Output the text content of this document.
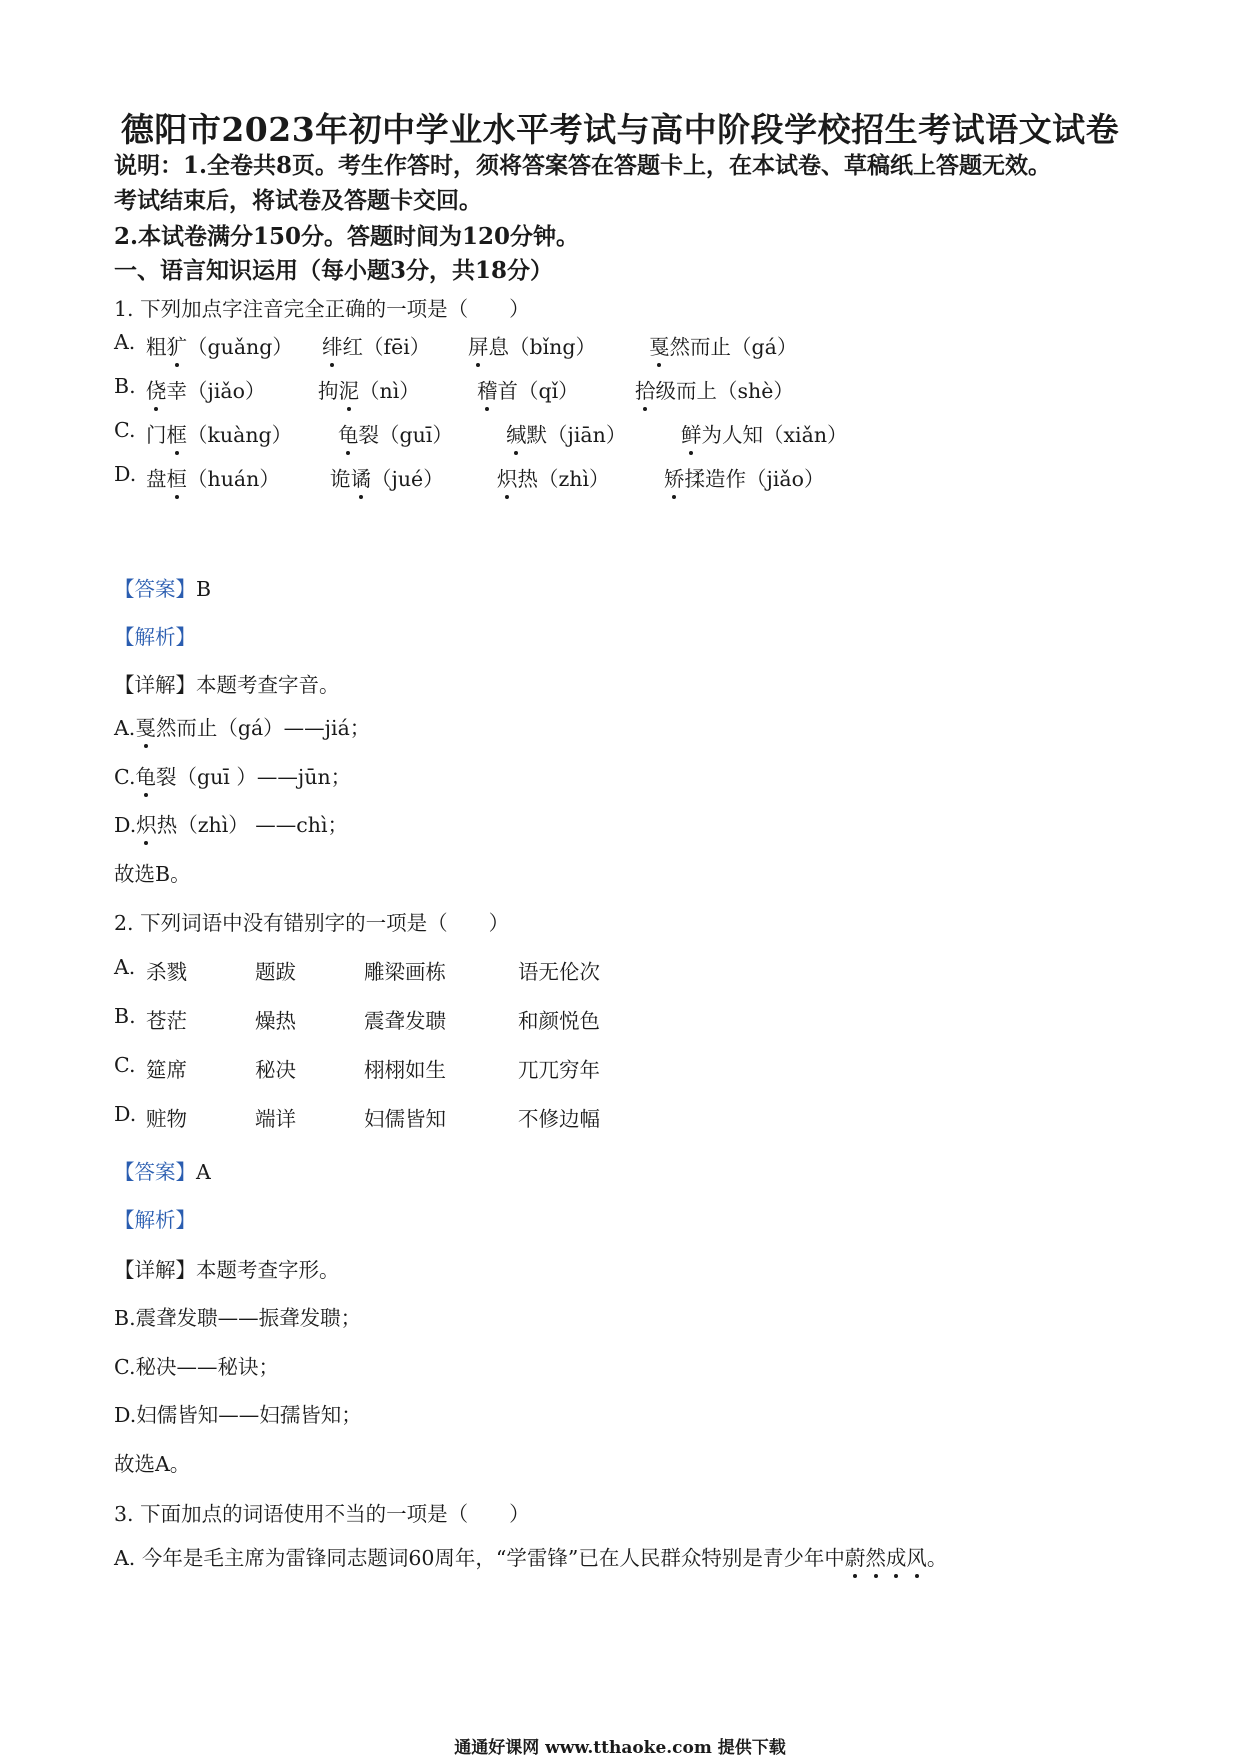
德阳市2023年初中学业水平考试与高中阶段学校招生考试语文试卷
说明：1.全卷共8页。考生作答时，须将答案答在答题卡上，在本试卷、草稿纸上答题无效。
考试结束后，将试卷及答题卡交回。
2.本试卷满分150分。答题时间为120分钟。
一、语言知识运用（每小题3分，共18分）
1. 下列加点字注音完全正确的一项是（　　）
A. 粗犷（guǎng） 绯红（fēi） 屏息（bǐng）	戛然而止（gá）
B. 侥幸（jiǎo）	拘泥（nì）	稽首（qǐ）	拾级而上（shè）
C. 门框（kuàng） 龟裂（guī）	缄默（jiān）	鲜为人知（xiǎn）
D. 盘桓（huán） 诡谲（jué）	炽热（zhì）	矫揉造作（jiǎo）
【答案】B
【解析】
【详解】本题考查字音。
A.戛然而止（gá）——jiá；
C.龟裂（guī ）——jūn；
D.炽热（zhì） ——chì；
故选B。
2. 下列词语中没有错别字的一项是（　　）
A. 杀戮	题跋	雕梁画栋	语无伦次
B. 苍茫	燥热	震聋发聩	和颜悦色
C. 筵席	秘决	栩栩如生	兀兀穷年
D. 赃物	端详	妇儒皆知	不修边幅
【答案】A
【解析】
【详解】本题考查字形。
B.震聋发聩——振聋发聩；
C.秘决——秘诀；
D.妇儒皆知——妇孺皆知；
故选A。
3. 下面加点的词语使用不当的一项是（　　）
A. 今年是毛主席为雷锋同志题词60周年，“学雷锋”已在人民群众特别是青少年中蔚然成风。
通通好课网 www.tthaoke.com 提供下载
